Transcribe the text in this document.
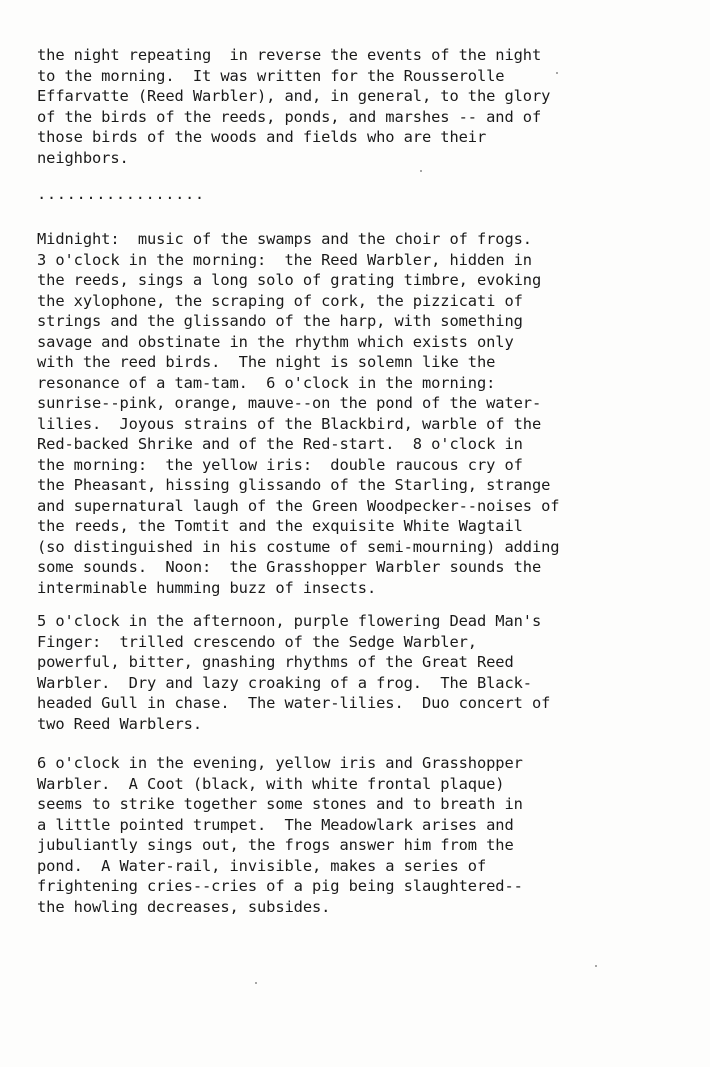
the night repeating  in reverse the events of the night
to the morning.  It was written for the Rousserolle
Effarvatte (Reed Warbler), and, in general, to the glory
of the birds of the reeds, ponds, and marshes -- and of
those birds of the woods and fields who are their
neighbors.
.................
Midnight:  music of the swamps and the choir of frogs.
3 o'clock in the morning:  the Reed Warbler, hidden in
the reeds, sings a long solo of grating timbre, evoking
the xylophone, the scraping of cork, the pizzicati of
strings and the glissando of the harp, with something
savage and obstinate in the rhythm which exists only
with the reed birds.  The night is solemn like the
resonance of a tam-tam.  6 o'clock in the morning:
sunrise--pink, orange, mauve--on the pond of the water-
lilies.  Joyous strains of the Blackbird, warble of the
Red-backed Shrike and of the Red-start.  8 o'clock in
the morning:  the yellow iris:  double raucous cry of
the Pheasant, hissing glissando of the Starling, strange
and supernatural laugh of the Green Woodpecker--noises of
the reeds, the Tomtit and the exquisite White Wagtail
(so distinguished in his costume of semi-mourning) adding
some sounds.  Noon:  the Grasshopper Warbler sounds the
interminable humming buzz of insects.
5 o'clock in the afternoon, purple flowering Dead Man's
Finger:  trilled crescendo of the Sedge Warbler,
powerful, bitter, gnashing rhythms of the Great Reed
Warbler.  Dry and lazy croaking of a frog.  The Black-
headed Gull in chase.  The water-lilies.  Duo concert of
two Reed Warblers.
6 o'clock in the evening, yellow iris and Grasshopper
Warbler.  A Coot (black, with white frontal plaque)
seems to strike together some stones and to breath in
a little pointed trumpet.  The Meadowlark arises and
jubuliantly sings out, the frogs answer him from the
pond.  A Water-rail, invisible, makes a series of
frightening cries--cries of a pig being slaughtered--
the howling decreases, subsides.
